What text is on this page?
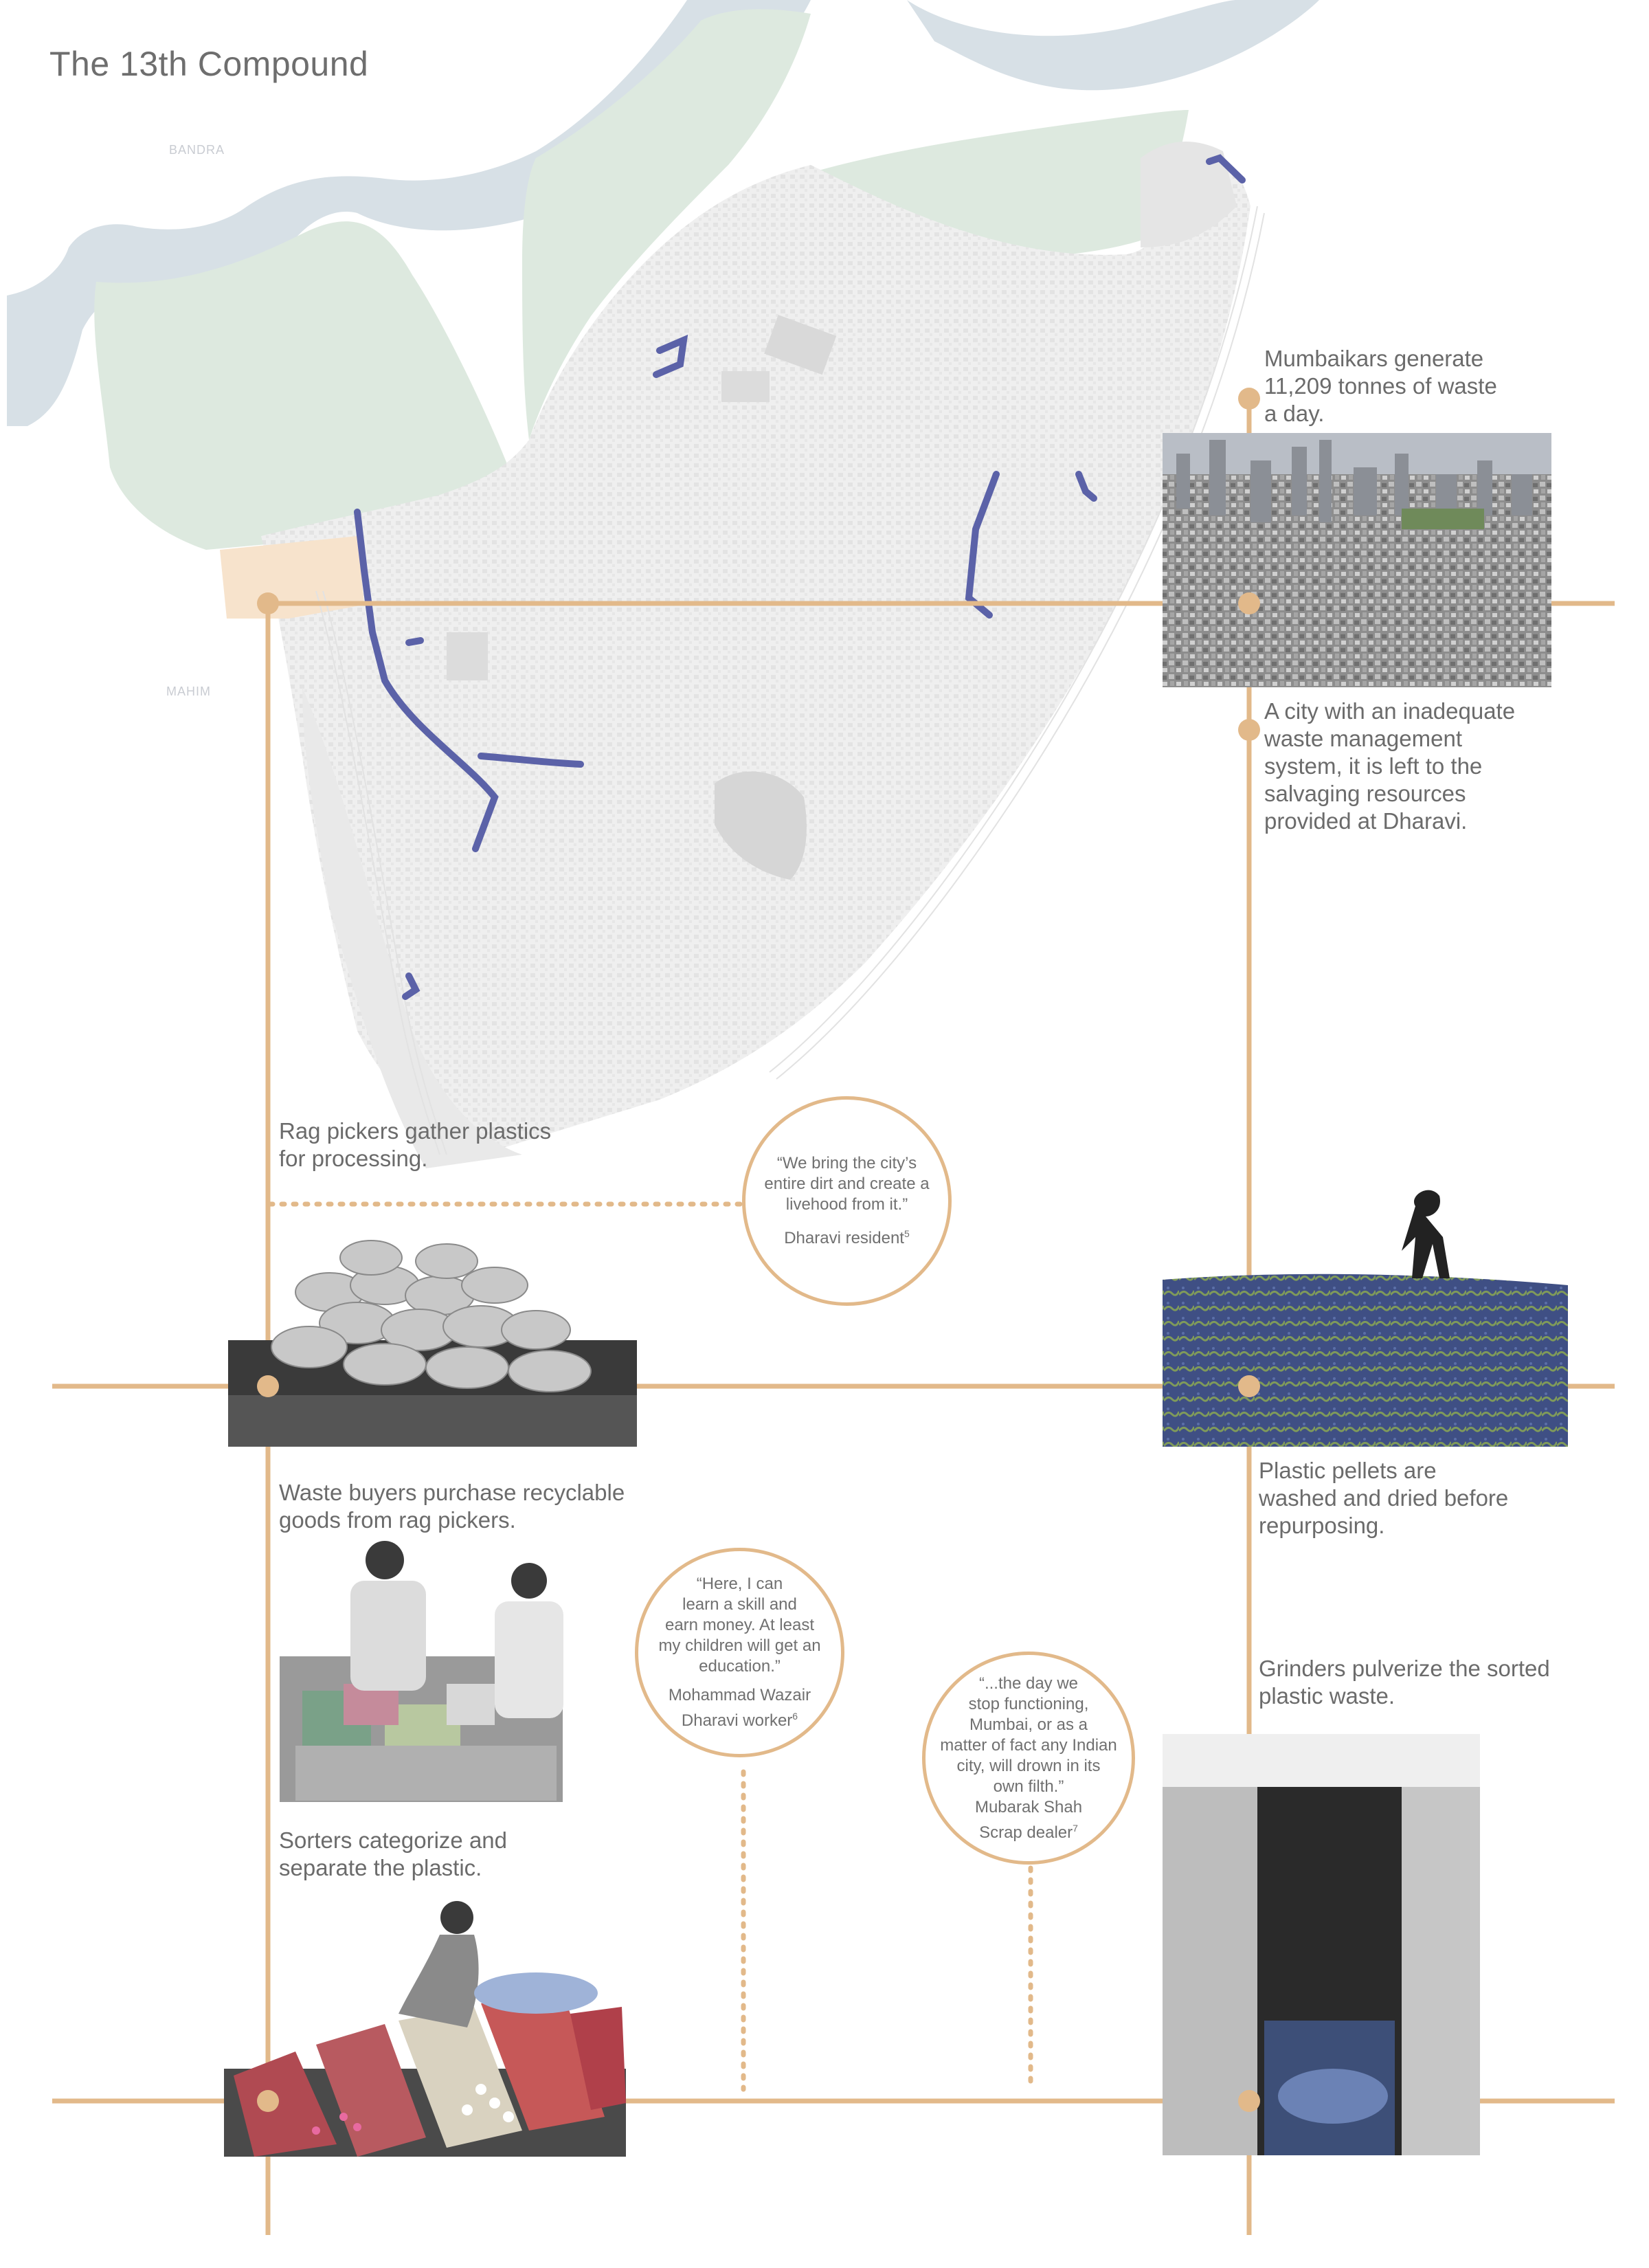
The 13th Compound
BANDRA
MAHIM
Mumbaikars generate
11,209 tonnes of waste
a day.
A city with an inadequate
waste management
system, it is left to the
salvaging resources
provided at Dharavi.
Rag pickers gather plastics
for processing.
Plastic pellets are
washed and dried before
repurposing.
Waste buyers purchase recyclable
goods from rag pickers.
Grinders pulverize the sorted
plastic waste.
Sorters categorize and
separate the plastic.

“We bring the city’s

entire dirt and create a

livehood from it.”

Dharavi resident$^5$

“Here, I can

learn a skill and

earn money. At least

my children will get an

education.”

Mohammad Wazair

Dharavi worker$^6$

“...the day we

stop functioning,

Mumbai, or as a

matter of fact any Indian

city, will drown in its

own filth.”

Mubarak Shah

Scrap dealer$^7$
